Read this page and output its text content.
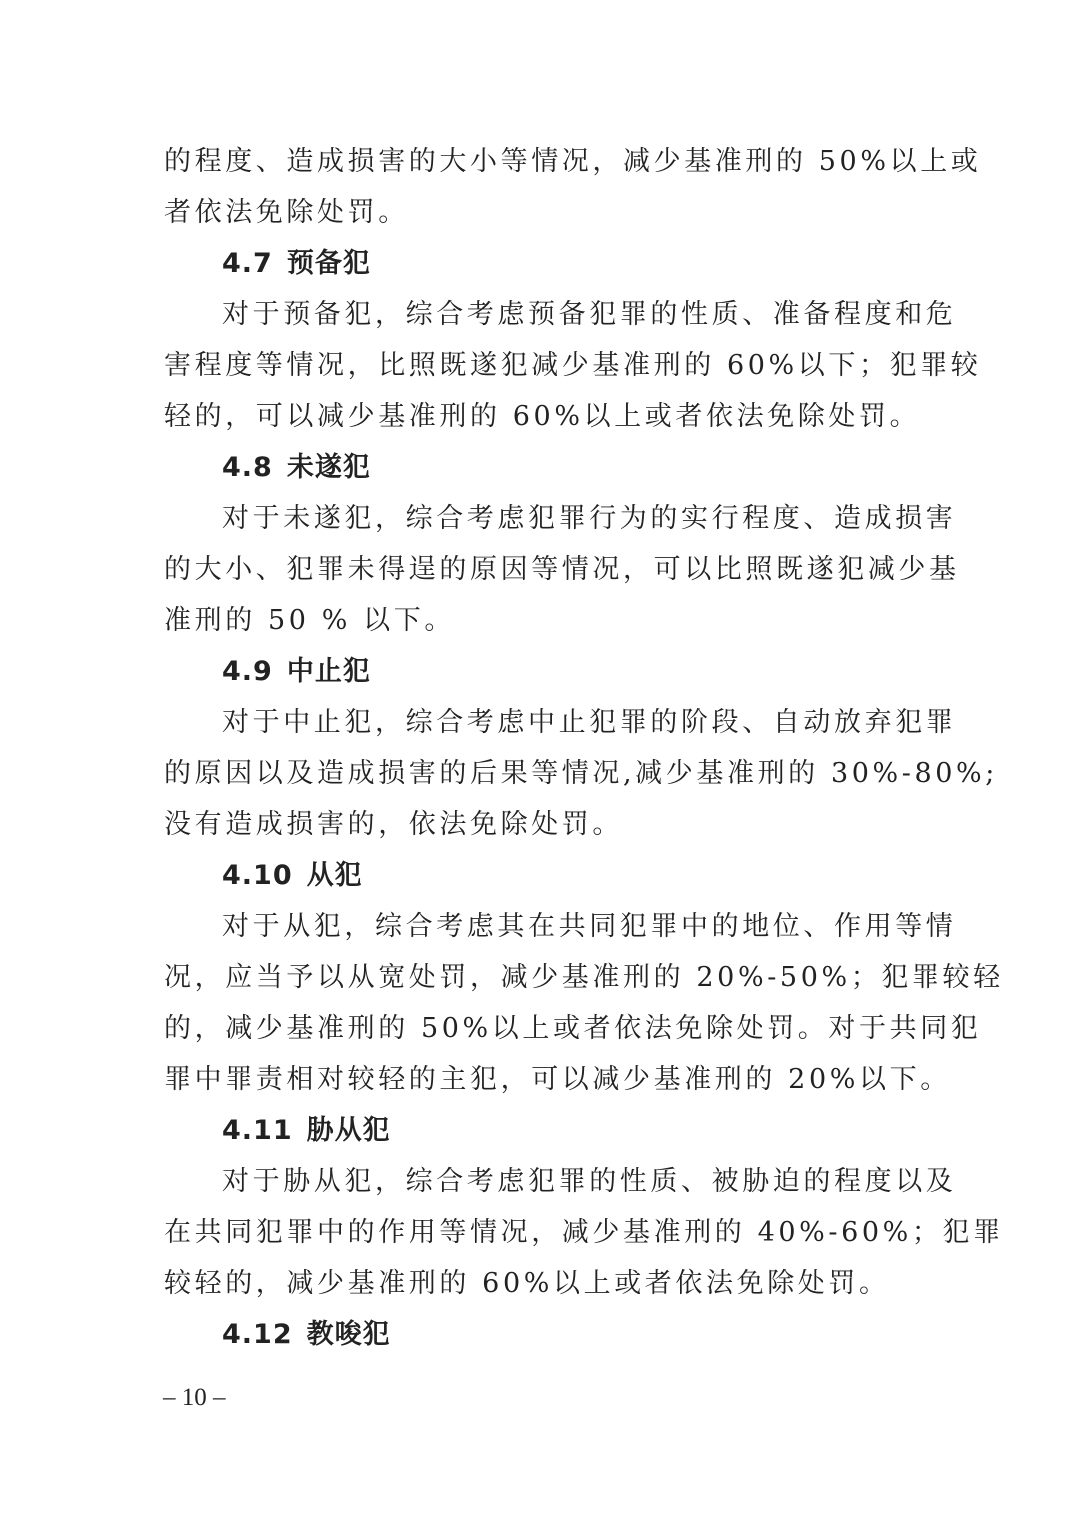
的程度、造成损害的大小等情况，减少基准刑的 50%以上或
者依法免除处罚。
4.7 预备犯
对于预备犯，综合考虑预备犯罪的性质、准备程度和危
害程度等情况，比照既遂犯减少基准刑的 60%以下；犯罪较
轻的，可以减少基准刑的 60%以上或者依法免除处罚。
4.8 未遂犯
对于未遂犯，综合考虑犯罪行为的实行程度、造成损害
的大小、犯罪未得逞的原因等情况，可以比照既遂犯减少基
准刑的 50 % 以下。
4.9 中止犯
对于中止犯，综合考虑中止犯罪的阶段、自动放弃犯罪
的原因以及造成损害的后果等情况,减少基准刑的 30%-80%;
没有造成损害的，依法免除处罚。
4.10 从犯
对于从犯，综合考虑其在共同犯罪中的地位、作用等情
况，应当予以从宽处罚，减少基准刑的 20%-50%；犯罪较轻
的，减少基准刑的 50%以上或者依法免除处罚。对于共同犯
罪中罪责相对较轻的主犯，可以减少基准刑的 20%以下。
4.11 胁从犯
对于胁从犯，综合考虑犯罪的性质、被胁迫的程度以及
在共同犯罪中的作用等情况，减少基准刑的 40%-60%；犯罪
较轻的，减少基准刑的 60%以上或者依法免除处罚。
4.12 教唆犯
– 10 –
